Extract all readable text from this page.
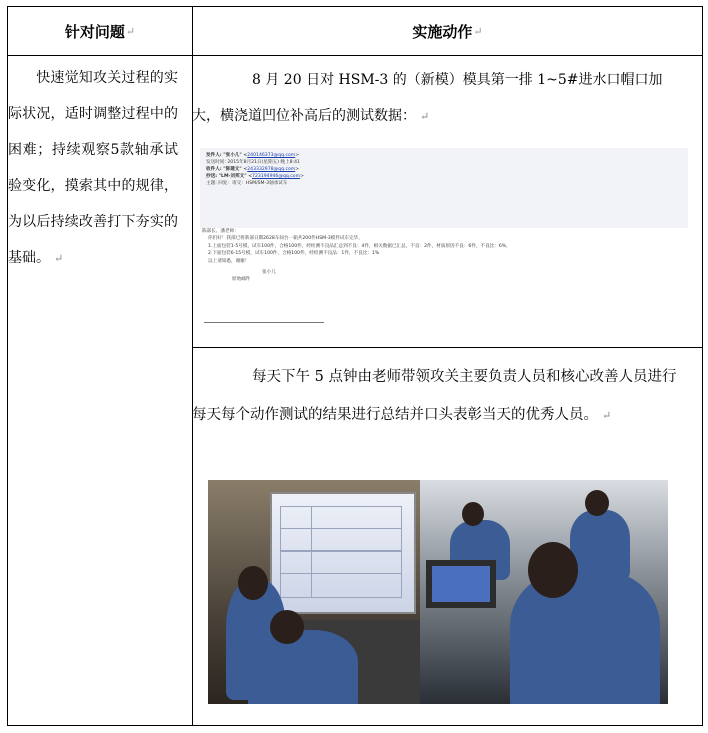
针对问题 ↵	实施动作 ↵
快速觉知攻关过程的实际状况，适时调整过程中的困难；持续观察5款轴承试验变化，摸索其中的规律，为以后持续改善打下夯实的基础。 ↵
8 月 20 日对 HSM-3 的（新模）模具第一排 1~5#进水口帽口加大，横浇道凹位补高后的测试数据： ↵
发件人: "张小儿" <240146373@qq.com>
发送时间: 2015年8月21日(星期五) 晚上8:41
收件人: "陈建文" <243332978@qq.com>
抄送: "LM-刘邦文" <723194946@qq.com>
主题: 回复：请交：HSM/SM-3轴承试车
陈部长、潘老师：
你们好！我部已将新部日期2628车间台一箱共200件HSM-3模件试车完毕，
1.上面包装1-5号模，试车100件，合格100件，经检测不良品汇总到不良：4件，相关数据已汇总，不良：2件，材质原因不良：6件，不良比：6%，
2.下面包装6-15号模，试车100件，合格100件，经检测不良品：1件，不良比：1%
以上请知悉，谢谢！
张小儿
原始邮件
每天下午 5 点钟由老师带领攻关主要负责人员和核心改善人员进行每天每个动作测试的结果进行总结并口头表彰当天的优秀人员。 ↵
